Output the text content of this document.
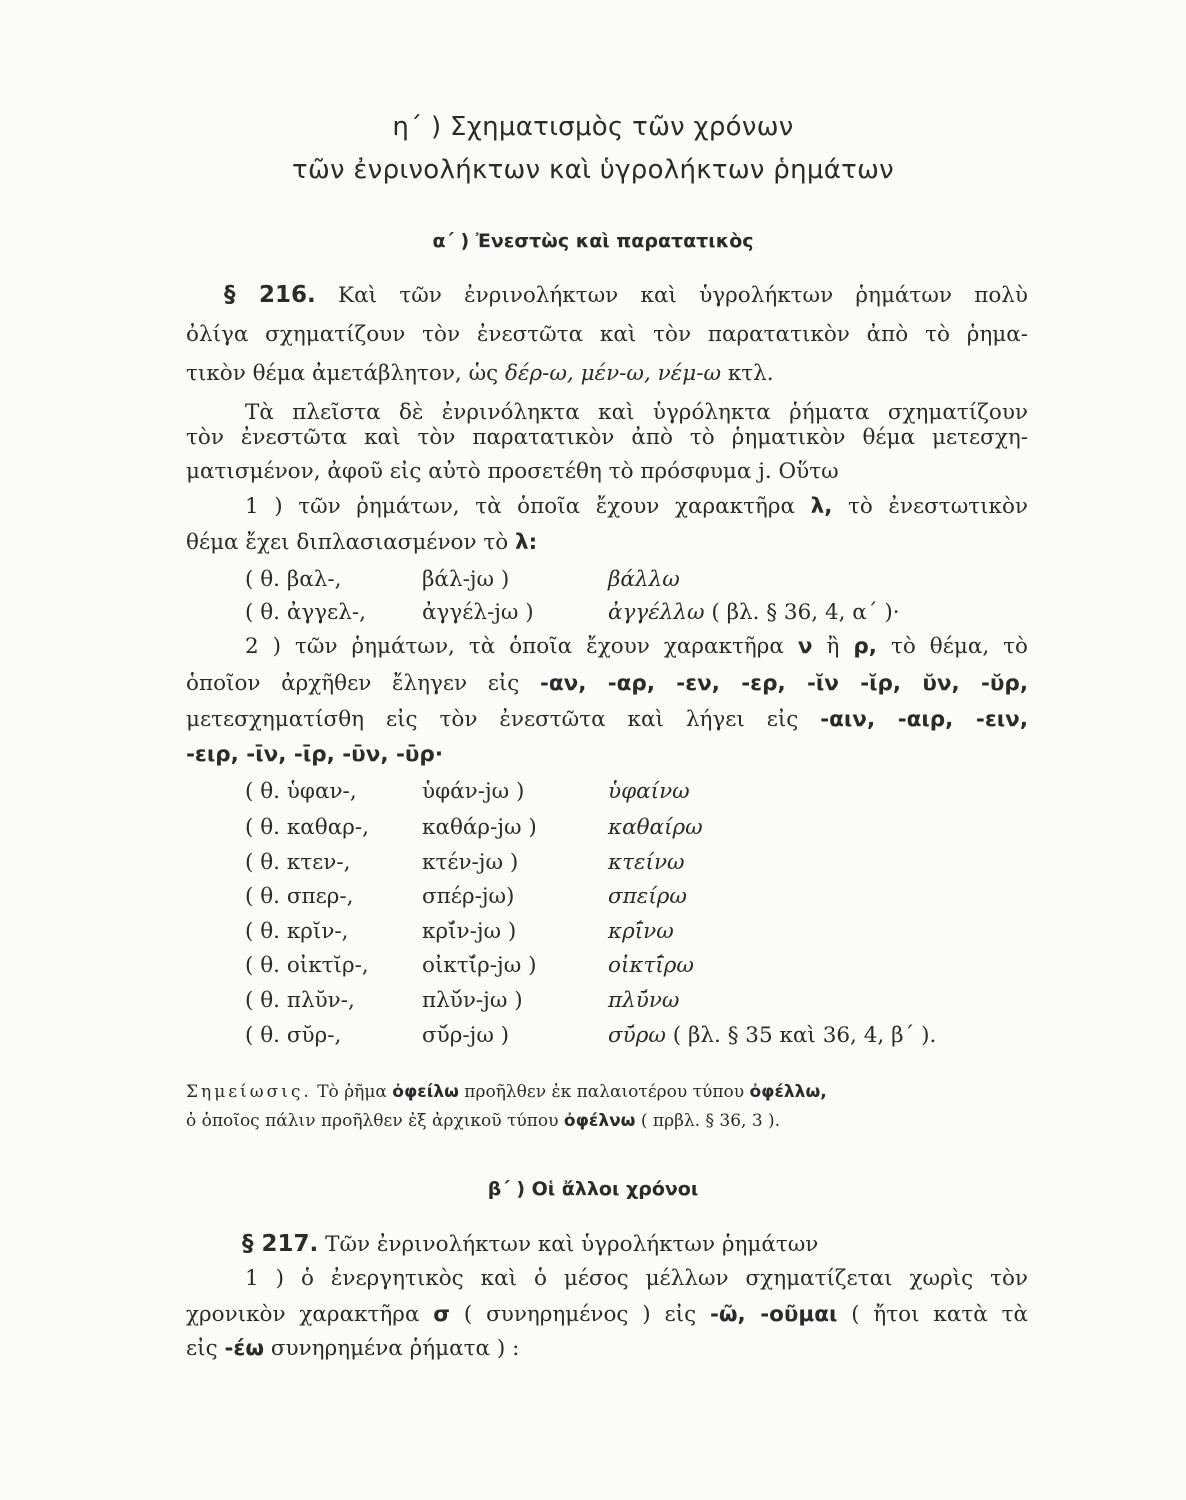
η΄ ) Σχηματισμὸς τῶν χρόνων
τῶν ἐνρινολήκτων καὶ ὑγρολήκτων ῥημάτων
α΄ ) Ἐνεστὼς καὶ παρατατικὸς
§ 216. Καὶ τῶν ἐνρινολήκτων καὶ ὑγρολήκτων ῥημάτων πολὺ
ὀλίγα σχηματίζουν τὸν ἐνεστῶτα καὶ τὸν παρατατικὸν ἀπὸ τὸ ῥημα-
τικὸν θέμα ἀμετάβλητον, ὡς δέρ-ω, μέν-ω, νέμ-ω κτλ.
Τὰ πλεῖστα δὲ ἐνρινόληκτα καὶ ὑγρόληκτα ῥήματα σχηματίζουν
τὸν ἐνεστῶτα καὶ τὸν παρατατικὸν ἀπὸ τὸ ῥηματικὸν θέμα μετεσχη-
ματισμένον, ἀφοῦ εἰς αὐτὸ προσετέθη τὸ πρόσφυμα j. Οὕτω
1 ) τῶν ῥημάτων, τὰ ὁποῖα ἔχουν χαρακτῆρα λ, τὸ ἐνεστωτικὸν
θέμα ἔχει διπλασιασμένον τὸ λ:
( θ. βαλ-,	βάλ-jω )	βάλλω
( θ. ἀγγελ-,	ἀγγέλ-jω )	ἀγγέλλω ( βλ. § 36, 4, α΄ )·
2 ) τῶν ῥημάτων, τὰ ὁποῖα ἔχουν χαρακτῆρα ν ἢ ρ, τὸ θέμα, τὸ
ὁποῖον ἀρχῆθεν ἔληγεν εἰς -αν, -αρ, -εν, -ερ, -ῐν -ῐρ, ῠν, -ῠρ,
μετεσχηματίσθη εἰς τὸν ἐνεστῶτα καὶ λήγει εἰς -αιν, -αιρ, -ειν,
-ειρ, -ῑν, -ῑρ, -ῡν, -ῡρ·
( θ. ὑφαν-,	ὑφάν-jω )	ὑφαίνω
( θ. καθαρ-, καθάρ-jω )	καθαίρω
( θ. κτεν-,	κτέν-jω )	κτείνω
( θ. σπερ-,	σπέρ-jω)	σπείρω
( θ. κρῐν-,	κρῐ́ν-jω )	κρῑ́νω
( θ. οἰκτῐρ-, οἰκτῐ́ρ-jω )	οἰκτῑ́ρω
( θ. πλῠν-,	πλῠ́ν-jω )	πλῡ́νω
( θ. σῠρ-,	σῠ́ρ-jω )	σῡ́ρω ( βλ. § 35 καὶ 36, 4, β΄ ).
Σημείωσις. Τὸ ῥῆμα ὀφείλω προῆλθεν ἐκ παλαιοτέρου τύπου ὀφέλλω,
ὁ ὁποῖος πάλιν προῆλθεν ἐξ ἀρχικοῦ τύπου ὀφέλνω ( πρβλ. § 36, 3 ).
β΄ ) Οἱ ἄλλοι χρόνοι
§ 217. Τῶν ἐνρινολήκτων καὶ ὑγρολήκτων ῥημάτων
1 ) ὁ ἐνεργητικὸς καὶ ὁ μέσος μέλλων σχηματίζεται χωρὶς τὸν
χρονικὸν χαρακτῆρα σ ( συνηρημένος ) εἰς -ῶ, -οῦμαι ( ἤτοι κατὰ τὰ
εἰς -έω συνηρημένα ῥήματα ) :
